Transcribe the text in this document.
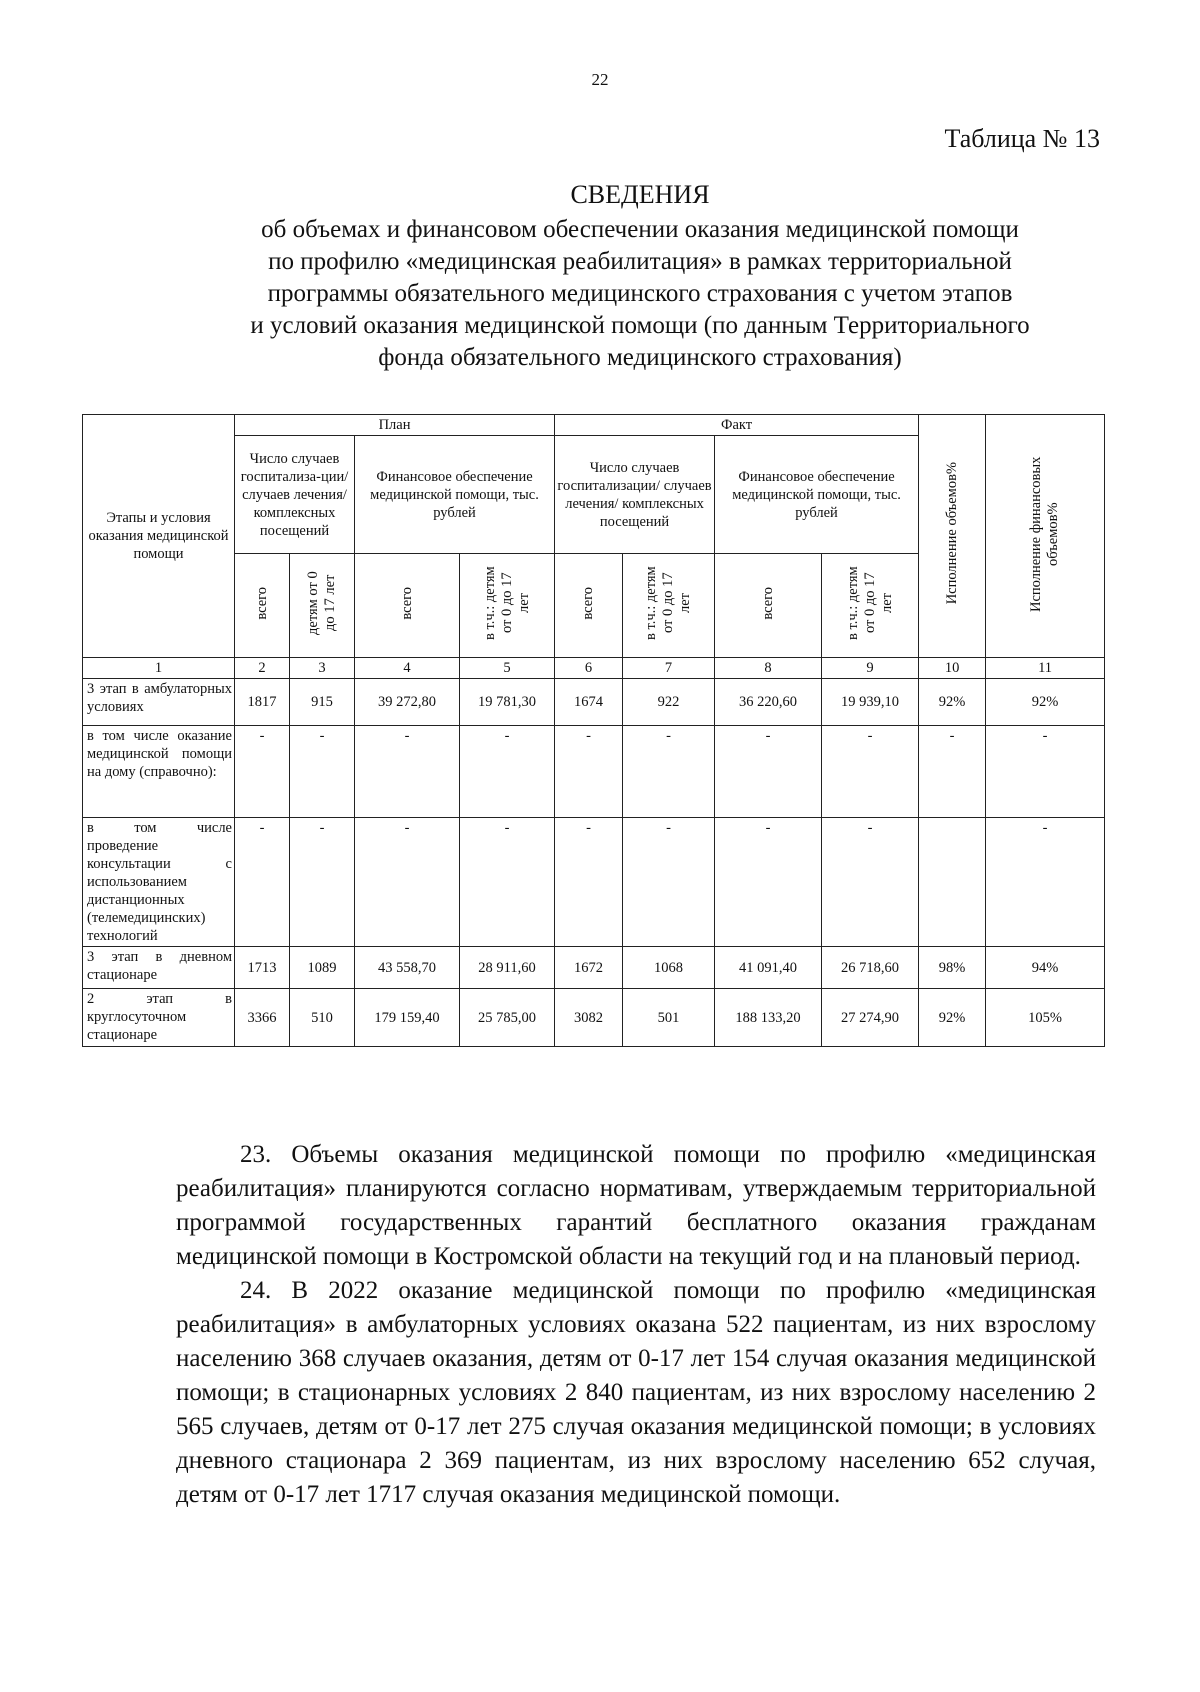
22
Таблица № 13
СВЕДЕНИЯ
об объемах и финансовом обеспечении оказания медицинской помощи
по профилю «медицинская реабилитация» в рамках территориальной
программы обязательного медицинского страхования с учетом этапов
и условий оказания медицинской помощи (по данным Территориального
фонда обязательного медицинского страхования)
Этапы и условия оказания медицинской помощи	План				Факт				Исполнение объемов%	Исполнение финансовых объемов%
	Число случаев госпитализа-ции/ случаев лечения/ комплексных посещений		Финансовое обеспечение медицинской помощи, тыс. рублей		Число случаев госпитализации/ случаев лечения/ комплексных посещений		Финансовое обеспечение медицинской помощи, тыс. рублей			
	всего	детям от 0 до 17 лет	всего	в т.ч.: детям от 0 до 17 лет	всего	в т.ч.: детям от 0 до 17 лет	всего	в т.ч.: детям от 0 до 17 лет		
1	2	3	4	5	6	7	8	9	10	11
3 этап в амбулаторных условиях	1817	915	39 272,80	19 781,30	1674	922	36 220,60	19 939,10	92%	92%
в том числе оказание медицинской помощи на дому (справочно):	-	-	-	-	-	-	-	-	-	-
в том числе проведение консультации с использованием дистанционных (телемедицинских) технологий	-	-	-	-	-	-	-	-		-
3 этап в дневном стационаре	1713	1089	43 558,70	28 911,60	1672	1068	41 091,40	26 718,60	98%	94%
2 этап в круглосуточном стационаре	3366	510	179 159,40	25 785,00	3082	501	188 133,20	27 274,90	92%	105%

23. Объемы оказания медицинской помощи по профилю «медицинская реабилитация» планируются согласно нормативам, утверждаемым территориальной программой государственных гарантий бесплатного оказания гражданам медицинской помощи в Костромской области на текущий год и на плановый период.

24. В 2022 оказание медицинской помощи по профилю «медицинская реабилитация» в амбулаторных условиях оказана 522 пациентам, из них взрослому населению 368 случаев оказания, детям от 0-17 лет 154 случая оказания медицинской помощи; в стационарных условиях 2 840 пациентам, из них взрослому населению 2 565 случаев, детям от 0-17 лет 275 случая оказания медицинской помощи; в условиях дневного стационара 2 369 пациентам, из них взрослому населению 652 случая, детям от 0-17 лет 1717 случая оказания медицинской помощи.
